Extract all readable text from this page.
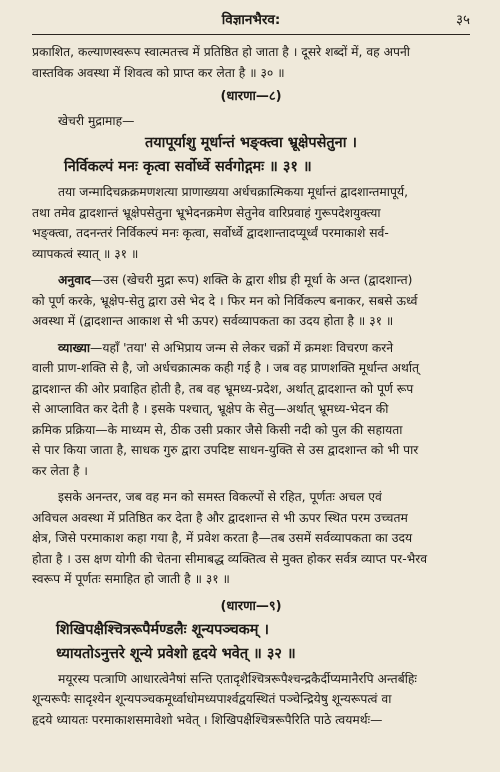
विज्ञानभैरव:	३५

प्रकाशित, कल्याणस्वरूप स्वात्मतत्त्व में प्रतिष्ठित हो जाता है । दूसरे शब्दों में, वह अपनी

वास्तविक अवस्था में शिवत्व को प्राप्त कर लेता है ॥ ३० ॥

(धारणा—८)
खेचरी मुद्रामाह—
तयापूर्याशु मूर्धान्तं भङ्क्त्वा भ्रूक्षेपसेतुना ।
निर्विकल्पं मनः कृत्वा सर्वोर्ध्वे सर्वगोद्गमः ॥ ३१ ॥

तया जन्मादिचक्रक्रमणशत्या प्राणाख्यया अर्धचक्रात्मिकया मूर्धान्तं द्वादशान्तमापूर्य,

तथा तमेव द्वादशान्तं भ्रूक्षेपसेतुना भ्रूभेदनक्रमेण सेतुनेव वारिप्रवाहं गुरूपदेशयुक्त्या

भङ्क्त्वा, तदनन्तरं निर्विकल्पं मनः कृत्वा, सर्वोर्ध्वे द्वादशान्तादप्यूर्ध्वं परमाकाशे सर्व-

व्यापकत्वं स्यात् ॥ ३१ ॥

अनुवाद—उस (खेचरी मुद्रा रूप) शक्ति के द्वारा शीघ्र ही मूर्धा के अन्त (द्वादशान्त)

को पूर्ण करके, भ्रूक्षेप-सेतु द्वारा उसे भेद दे । फिर मन को निर्विकल्प बनाकर, सबसे ऊर्ध्व

अवस्था में (द्वादशान्त आकाश से भी ऊपर) सर्वव्यापकता का उदय होता है ॥ ३१ ॥

व्याख्या—यहाँ 'तया' से अभिप्राय जन्म से लेकर चक्रों में क्रमशः विचरण करने

वाली प्राण-शक्ति से है, जो अर्धचक्रात्मक कही गई है । जब वह प्राणशक्ति मूर्धान्त अर्थात्

द्वादशान्त की ओर प्रवाहित होती है, तब वह भ्रूमध्य-प्रदेश, अर्थात् द्वादशान्त को पूर्ण रूप

से आप्लावित कर देती है । इसके पश्चात्, भ्रूक्षेप के सेतु—अर्थात् भ्रूमध्य-भेदन की

क्रमिक प्रक्रिया—के माध्यम से, ठीक उसी प्रकार जैसे किसी नदी को पुल की सहायता

से पार किया जाता है, साधक गुरु द्वारा उपदिष्ट साधन-युक्ति से उस द्वादशान्त को भी पार

कर लेता है ।

इसके अनन्तर, जब वह मन को समस्त विकल्पों से रहित, पूर्णतः अचल एवं

अविचल अवस्था में प्रतिष्ठित कर देता है और द्वादशान्त से भी ऊपर स्थित परम उच्चतम

क्षेत्र, जिसे परमाकाश कहा गया है, में प्रवेश करता है—तब उसमें सर्वव्यापकता का उदय

होता है । उस क्षण योगी की चेतना सीमाबद्ध व्यक्तित्व से मुक्त होकर सर्वत्र व्याप्त पर-भैरव

स्वरूप में पूर्णतः समाहित हो जाती है ॥ ३१ ॥

(धारणा—९)
शिखिपक्षैश्चित्ररूपैर्मण्डलैः शून्यपञ्चकम् ।
ध्यायतोऽनुत्तरे शून्ये प्रवेशो हृदये भवेत् ॥ ३२ ॥

मयूरस्य पत्त्राणि आधारत्वेनैषां सन्ति एतादृशैश्चित्ररूपैश्चन्द्रकैर्दीप्यमानैरपि अन्तर्बहिः

शून्यरूपैः सादृश्येन शून्यपञ्चकमूर्ध्वाधोमध्यपार्श्वद्वयस्थितं पञ्चेन्द्रियेषु शून्यरूपत्वं वा

हृदये ध्यायतः परमाकाशसमावेशो भवेत् । शिखिपक्षैश्चित्ररूपैरिति पाठे त्वयमर्थः—
